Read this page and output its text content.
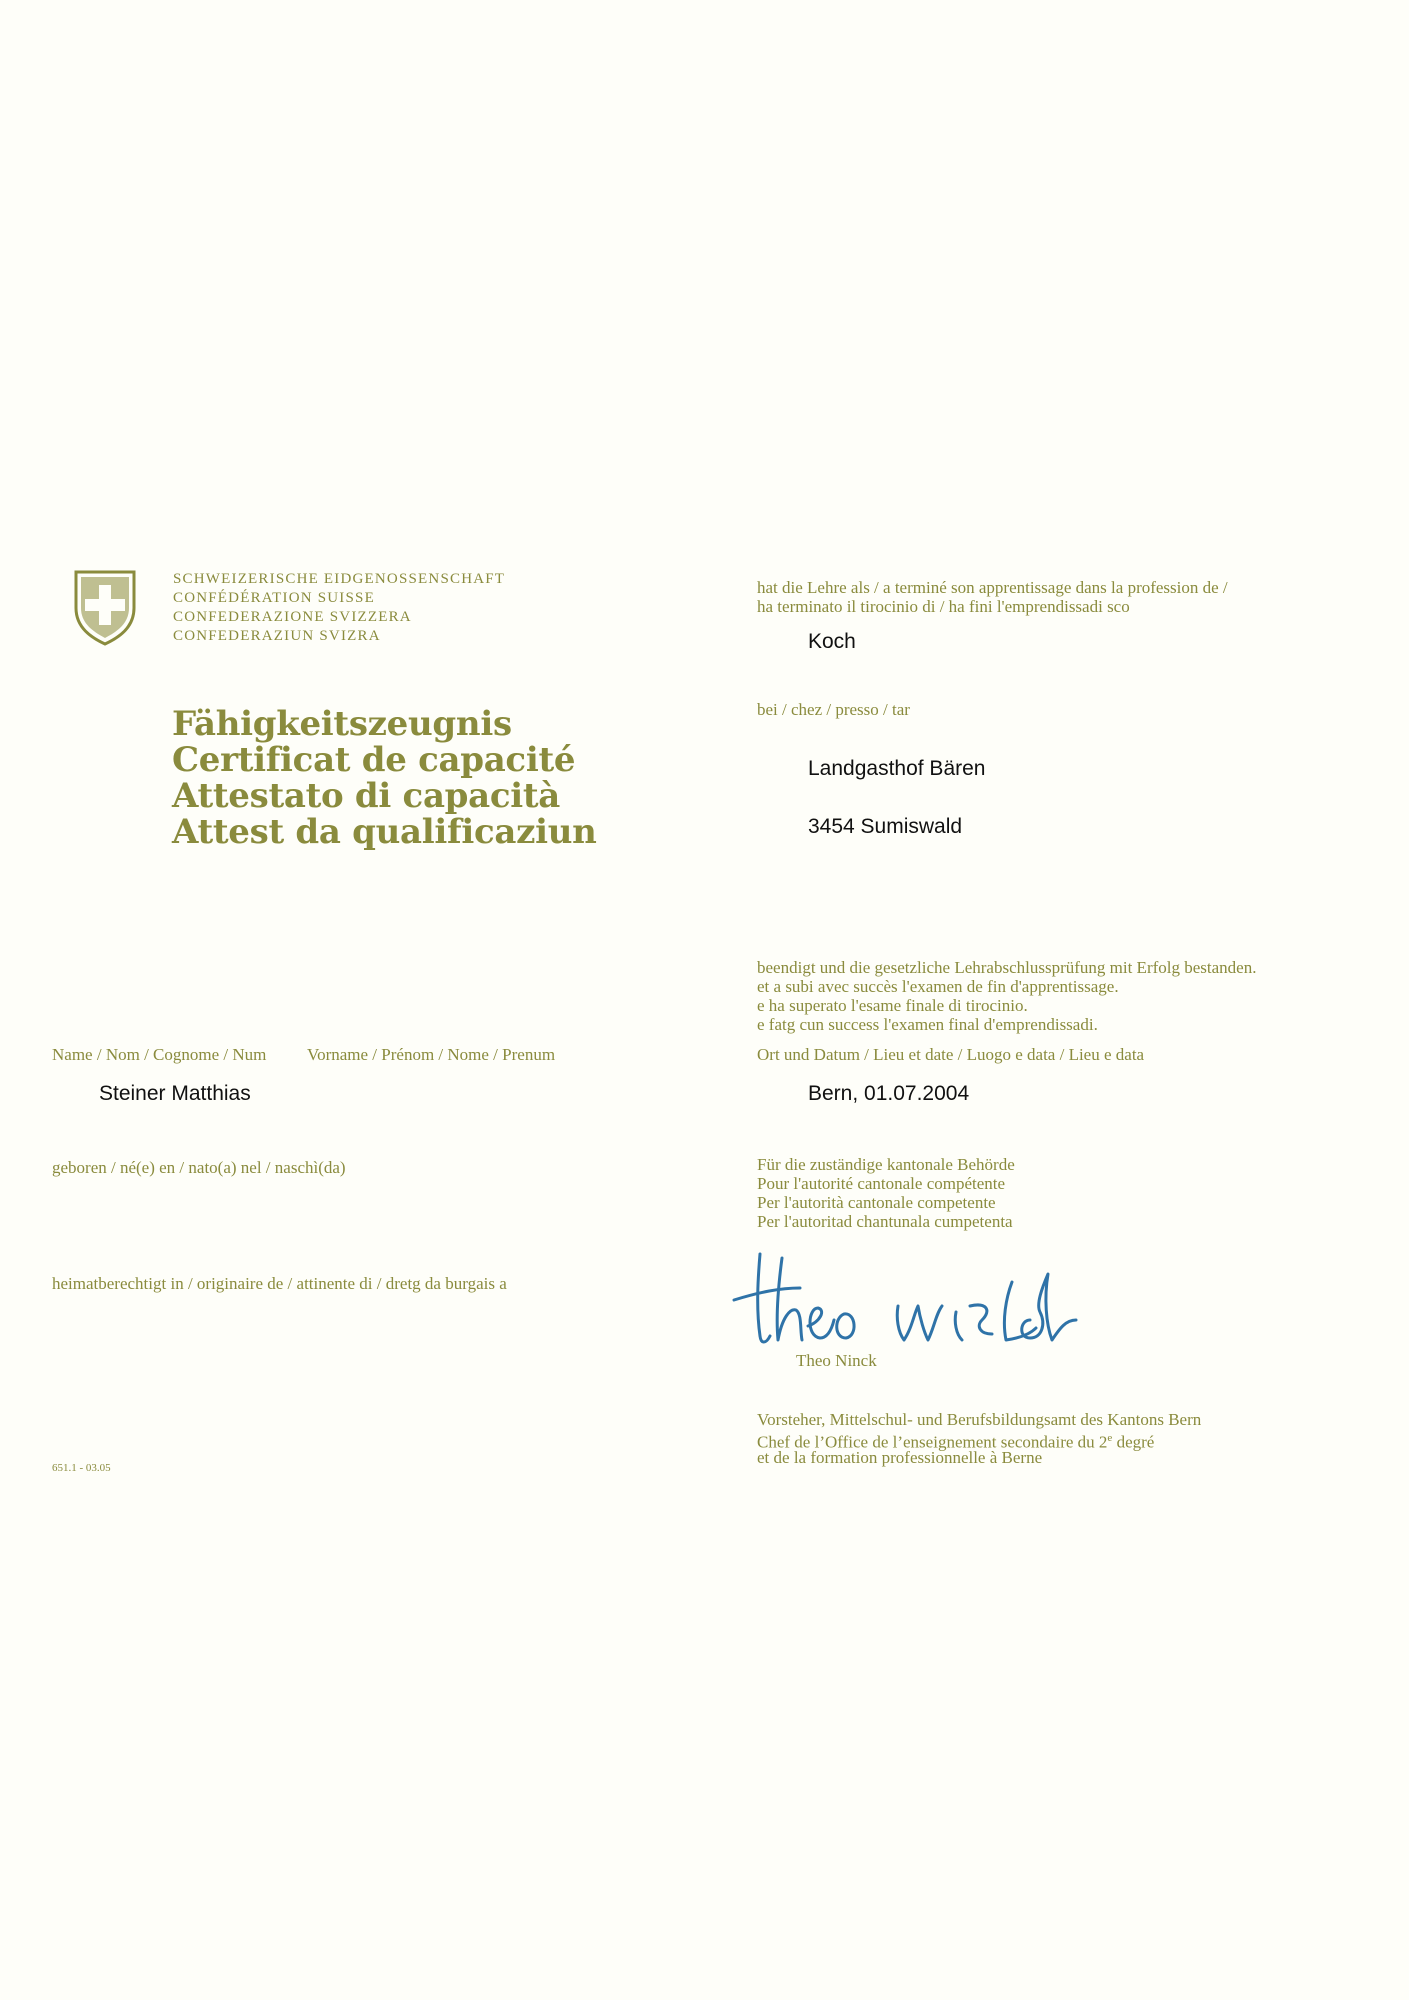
SCHWEIZERISCHE EIDGENOSSENSCHAFT
CONFÉDÉRATION SUISSE
CONFEDERAZIONE SVIZZERA
CONFEDERAZIUN SVIZRA
Fähigkeitszeugnis
Certificat de capacité
Attestato di capacità
Attest da qualificaziun
Name / Nom / Cognome / Num Vorname / Prénom / Nome / Prenum
Steiner Matthias
geboren / né(e) en / nato(a) nel / naschì(da)
heimatberechtigt in / originaire de / attinente di / dretg da burgais a
651.1 - 03.05
hat die Lehre als / a terminé son apprentissage dans la profession de /
ha terminato il tirocinio di / ha fini l'emprendissadi sco
Koch
bei / chez / presso / tar
Landgasthof Bären
3454 Sumiswald
beendigt und die gesetzliche Lehrabschlussprüfung mit Erfolg bestanden.
et a subi avec succès l'examen de fin d'apprentissage.
e ha superato l'esame finale di tirocinio.
e fatg cun success l'examen final d'emprendissadi.
Ort und Datum / Lieu et date / Luogo e data / Lieu e data
Bern, 01.07.2004
Für die zuständige kantonale Behörde
Pour l'autorité cantonale compétente
Per l'autorità cantonale competente
Per l'autoritad chantunala cumpetenta
Theo Ninck
Vorsteher, Mittelschul- und Berufsbildungsamt des Kantons Bern
Chef de l’Office de l’enseignement secondaire du 2e degré
et de la formation professionnelle à Berne
